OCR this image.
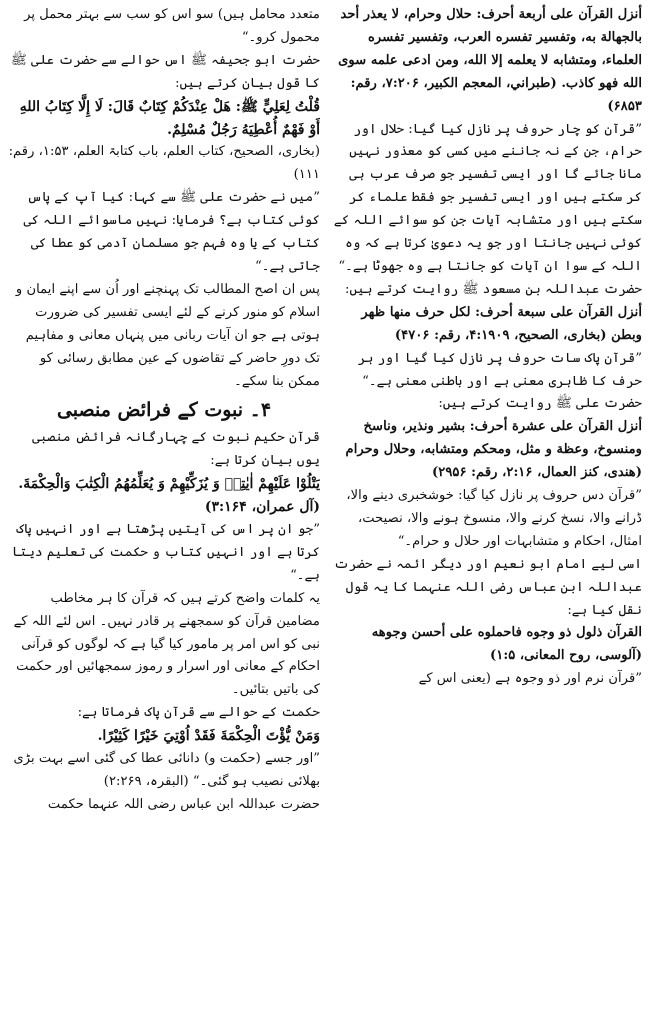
أنزل القرآن على أربعة أحرف: حلال وحرام، لا يعذر أحد بالجهالة به، وتفسير تفسره العرب، وتفسير تفسره العلماء، ومتشابه لا يعلمه إلا الله، ومن ادعى علمه سوى الله فهو كاذب. (طبراني، المعجم الكبير، ۷:۲۰۶، رقم: ۶۸۵۳)

”قرآن کو چار حروف پر نازل کیا گیا: حلال اور حرام، جن کے نہ جاننے میں کسی کو معذور نہیں مانا جائے گا اور ایسی تفسیر جو صرف عرب ہی کر سکتے ہیں اور ایسی تفسیر جو فقط علماء کر سکتے ہیں اور متشابہ آیات جن کو سوائے اللہ کے کوئی نہیں جانتا اور جو یہ دعویٰ کرتا ہے کہ وہ اللہ کے سوا ان آیات کو جانتا ہے وہ جھوٹا ہے۔“

حضرت عبداللہ بن مسعود ﷺ روایت کرتے ہیں:

أنزل القرآن على سبعة أحرف: لكل حرف منها ظهر وبطن (بخاری، الصحيح، ۴:۱۹۰۹، رقم: ۴۷۰۶)

”قرآن پاک سات حروف پر نازل کیا گیا اور ہر حرف کا ظاہری معنی ہے اور باطنی معنی ہے۔“

حضرت علی ﷺ روایت کرتے ہیں:

أنزل القرآن على عشرة أحرف: بشير ونذير، وناسخ ومنسوخ، وعظة و مثل، ومحكم ومتشابه، وحلال وحرام (هندی، کنز العمال، ۲:۱۶، رقم: ۲۹۵۶)

”قرآن دس حروف پر نازل کیا گیا: خوشخبری دینے والا، ڈرانے والا، نسخ کرنے والا، منسوخ ہونے والا، نصیحت، امثال، احکام و متشابہات اور حلال و حرام۔“

اسی لیے امام ابو نعیم اور دیگر ائمہ نے حضرت عبداللہ ابن عباس رضی اللہ عنہما کا یہ قول نقل کیا ہے:

القرآن ذلول ذو وجوه فاحملوه على أحسن وجوهه (آلوسی، روح المعانی، ۱:۵)

”قرآن نرم اور ذو وجوہ ہے (یعنی اس کے

متعدد محامل ہیں) سو اس کو سب سے بہتر محمل پر محمول کرو۔“

حضرت ابو جحیفہ ﷺ اس حوالے سے حضرت علی ﷺ کا قول بیان کرتے ہیں:

قُلْتُ لِعَلِيٍّ ﷺ: هَلْ عِنْدَكُمْ كِتَابٌ قَالَ: لَا إِلَّا كِتَابُ اللهِ أَوْ فَهْمٌ أُعْطِيَهُ رَجُلٌ مُسْلِمٌ.

(بخاری، الصحیح، کتاب العلم، باب کتابۃ العلم، ۱:۵۳، رقم: ۱۱۱)

”میں نے حضرت علی ﷺ سے کہا: کیا آپ کے پاس کوئی کتاب ہے؟ فرمایا: نہیں ماسوائے اللہ کی کتاب کے یا وہ فہم جو مسلمان آدمی کو عطا کی جاتی ہے۔“

پس ان اصح المطالب تک پہنچنے اور اُن سے اپنے ایمان و اسلام کو منور کرنے کے لئے ایسی تفسیر کی ضرورت ہوتی ہے جو ان آیات ربانی میں پنہاں معانی و مفاہیم تک دورِ حاضر کے تقاضوں کے عین مطابق رسائی کو ممکن بنا سکے۔

۴۔ نبوت کے فرائض منصبی

قرآن حکیم نبوت کے چہارگانہ فرائض منصبی یوں بیان کرتا ہے:

يَتْلُوْا عَلَيْهِمْ اٰيٰتِهٖ وَ يُزَكِّيْهِمْ وَ يُعَلِّمُهُمُ الْكِتٰبَ وَالْحِكْمَةَ. (آل عمران، ۳:۱۶۴)

”جو ان پر اس کی آیتیں پڑھتا ہے اور انہیں پاک کرتا ہے اور انہیں کتاب و حکمت کی تعلیم دیتا ہے۔“

یہ کلمات واضح کرتے ہیں کہ قرآن کا ہر مخاطب مضامین قرآن کو سمجھنے پر قادر نہیں۔ اس لئے اللہ کے نبی کو اس امر پر مامور کیا گیا ہے کہ لوگوں کو قرآنی احکام کے معانی اور اسرار و رموز سمجھائیں اور حکمت کی باتیں بتائیں۔

حکمت کے حوالے سے قرآن پاک فرماتا ہے:

وَمَنْ يُّؤْتَ الْحِكْمَةَ فَقَدْ اُوْتِيَ خَيْرًا كَثِيْرًا.

”اور جسے (حکمت و) دانائی عطا کی گئی اسے بہت بڑی بھلائی نصیب ہو گئی۔“ (البقرہ، ۲:۲۶۹)

حضرت عبداللہ ابن عباس رضی اللہ عنہما حکمت
